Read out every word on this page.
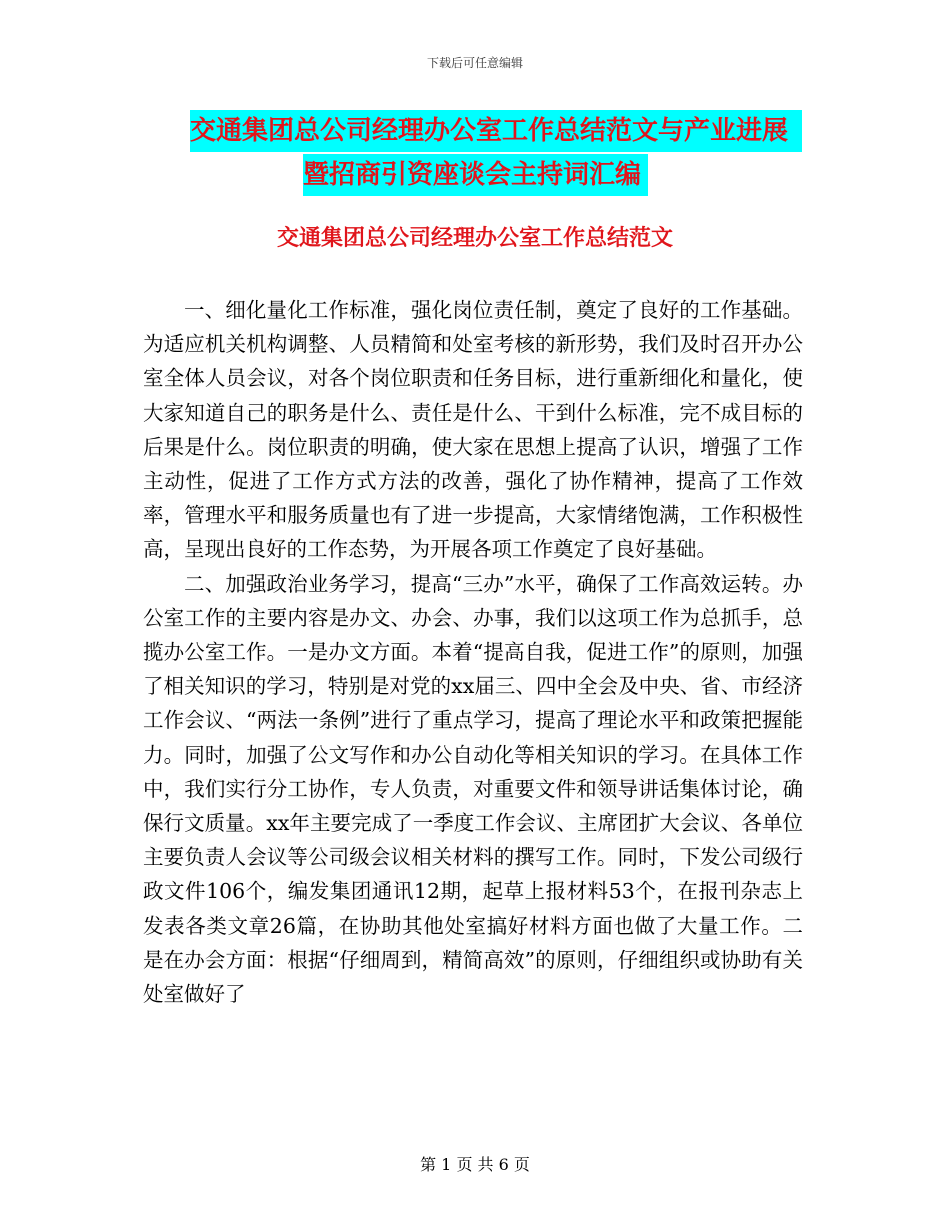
下载后可任意编辑
交通集团总公司经理办公室工作总结范文与产业进展
暨招商引资座谈会主持词汇编
交通集团总公司经理办公室工作总结范文

一、细化量化工作标准，强化岗位责任制，奠定了良好的工作基础。为适应机关机构调整、人员精简和处室考核的新形势，我们及时召开办公室全体人员会议，对各个岗位职责和任务目标，进行重新细化和量化，使大家知道自己的职务是什么、责任是什么、干到什么标准，完不成目标的后果是什么。岗位职责的明确，使大家在思想上提高了认识，增强了工作主动性，促进了工作方式方法的改善，强化了协作精神，提高了工作效率，管理水平和服务质量也有了进一步提高，大家情绪饱满，工作积极性高，呈现出良好的工作态势，为开展各项工作奠定了良好基础。

二、加强政治业务学习，提高“三办”水平，确保了工作高效运转。办公室工作的主要内容是办文、办会、办事，我们以这项工作为总抓手，总揽办公室工作。一是办文方面。本着“提高自我，促进工作”的原则，加强了相关知识的学习，特别是对党的xx届三、四中全会及中央、省、市经济工作会议、“两法一条例”进行了重点学习，提高了理论水平和政策把握能力。同时，加强了公文写作和办公自动化等相关知识的学习。在具体工作中，我们实行分工协作，专人负责，对重要文件和领导讲话集体讨论，确保行文质量。xx年主要完成了一季度工作会议、主席团扩大会议、各单位主要负责人会议等公司级会议相关材料的撰写工作。同时，下发公司级行政文件106个，编发集团通讯12期，起草上报材料53个，在报刊杂志上发表各类文章26篇，在协助其他处室搞好材料方面也做了大量工作。二是在办会方面：根据“仔细周到，精简高效”的原则，仔细组织或协助有关处室做好了

第 1 页 共 6 页
